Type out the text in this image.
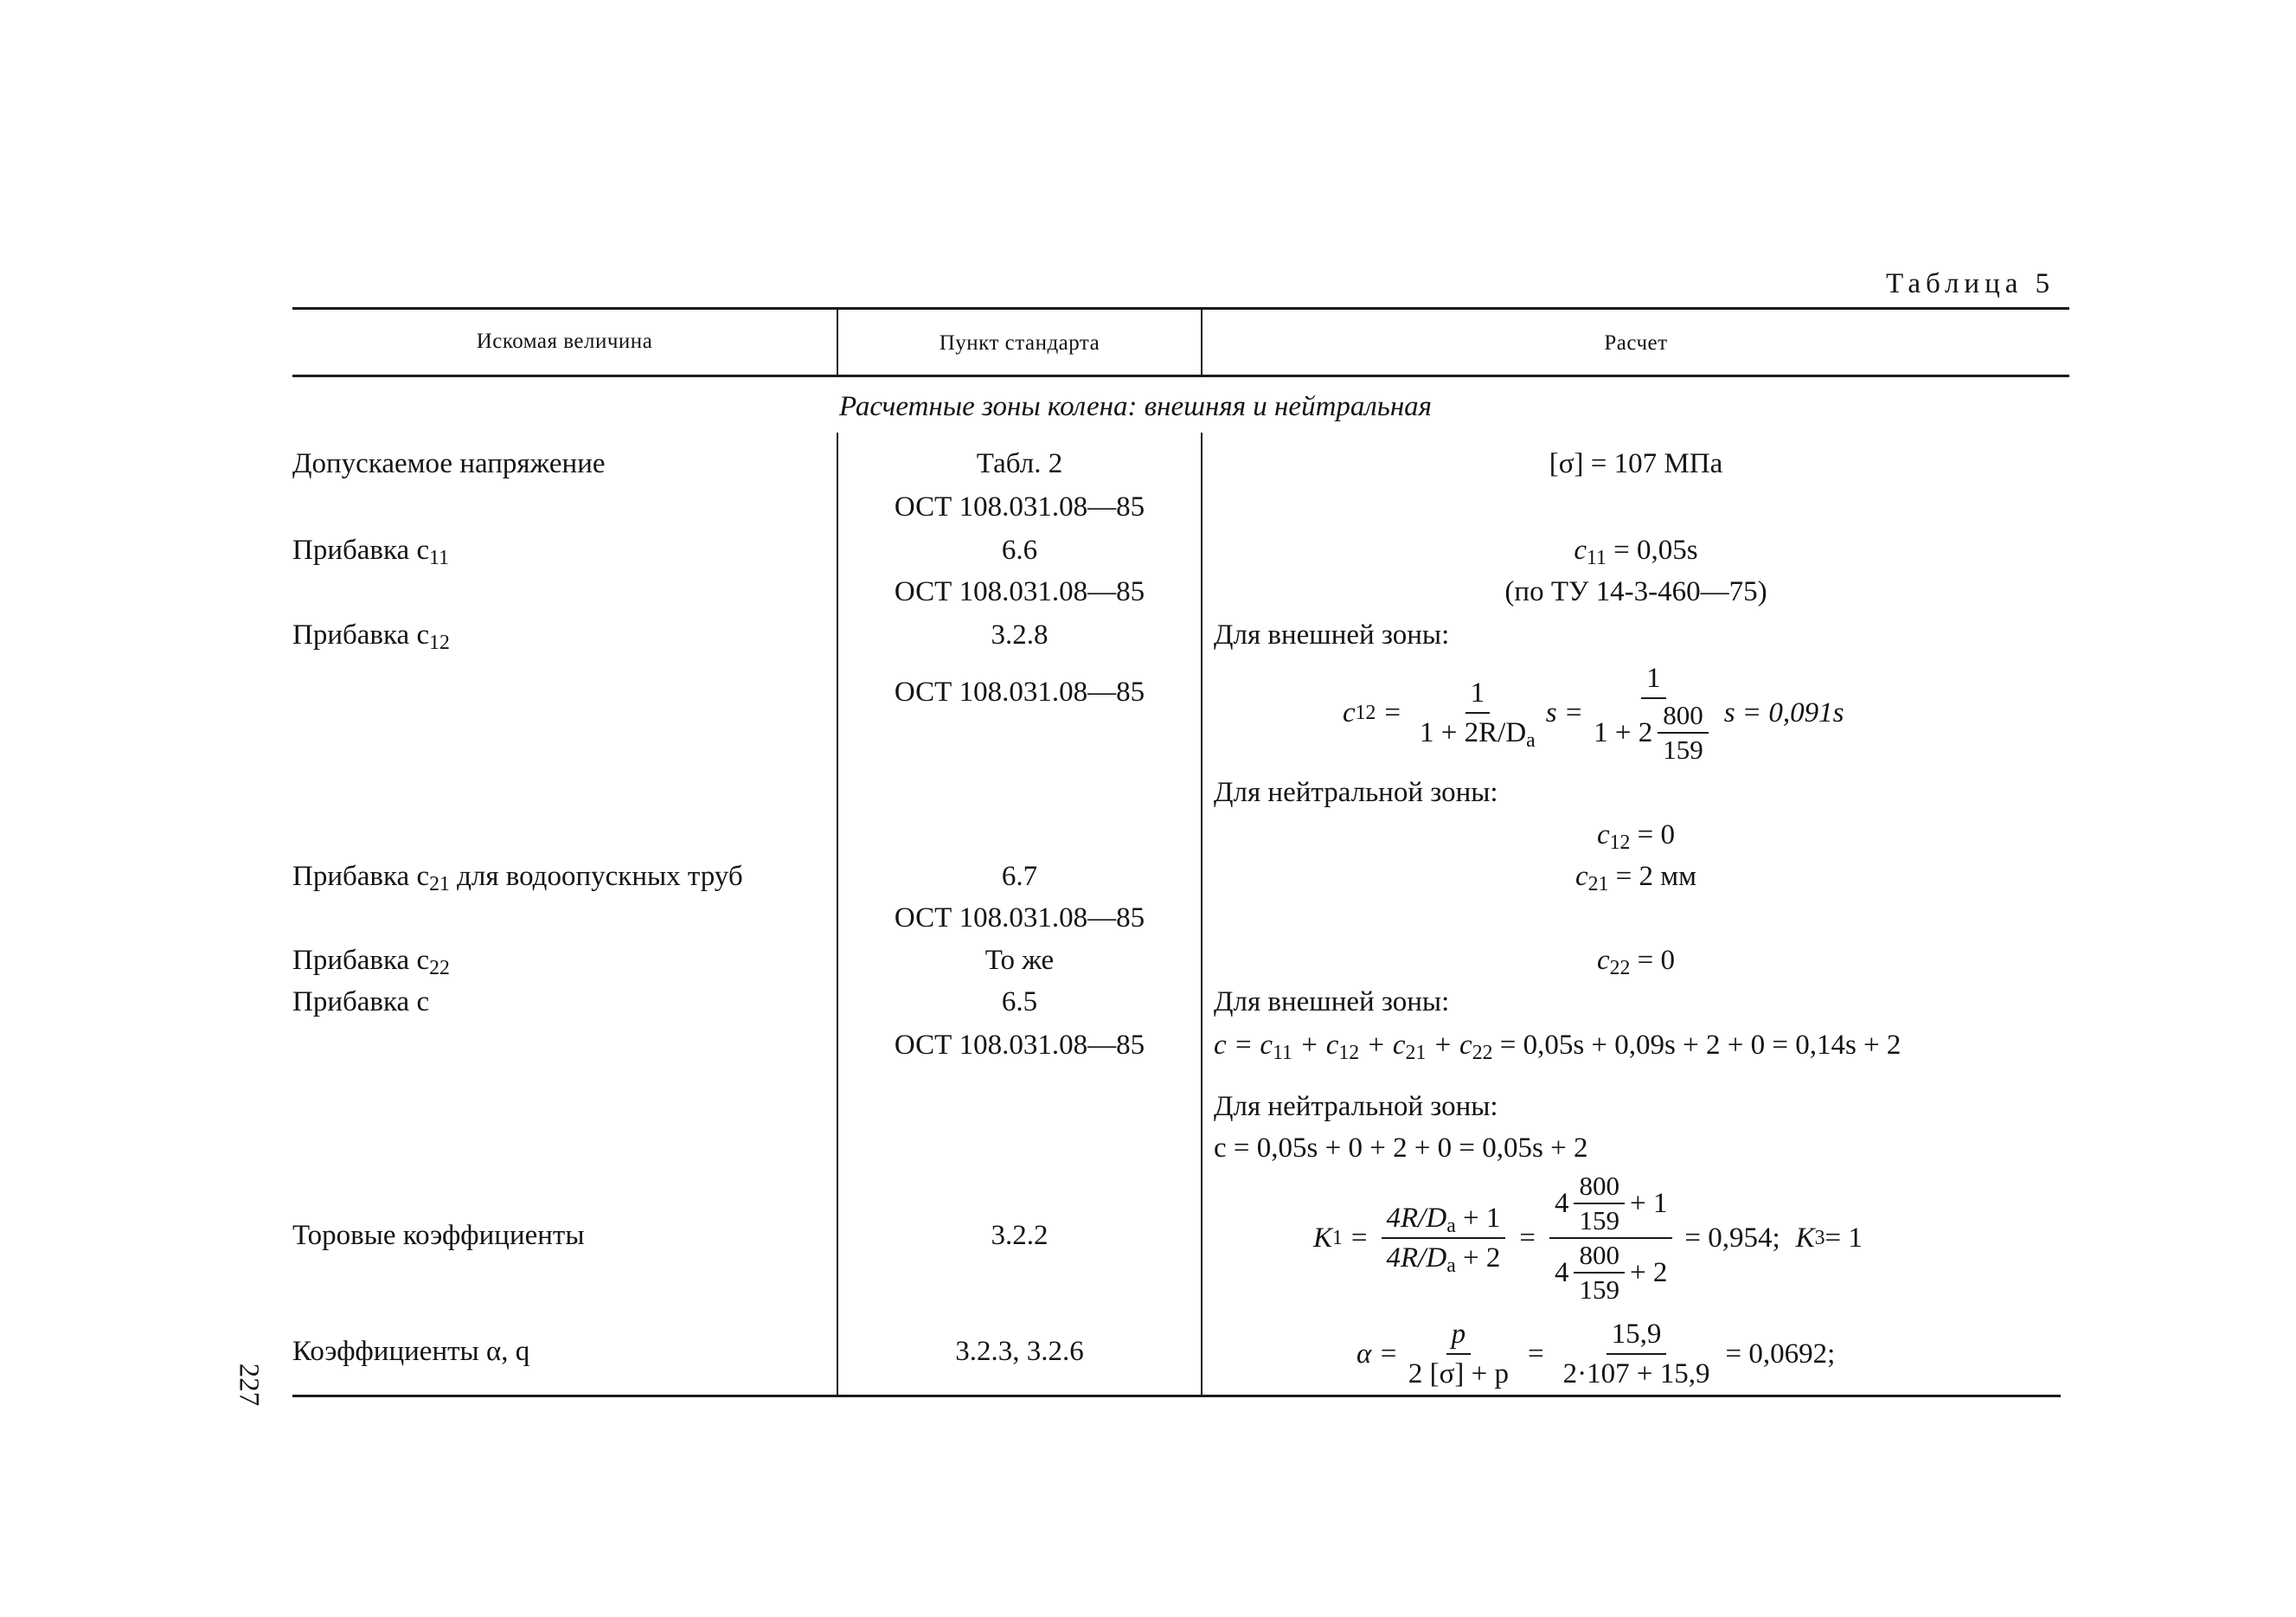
Таблица 5
Искомая величина	Пункт стандарта	Расчет
Расчетные зоны колена: внешняя и нейтральная
Допускаемое напряжение
Прибавка $c_{11}$
Прибавка $c_{12}$
Прибавка $c_{21}$ для водоопускных труб
Прибавка $c_{22}$
Прибавка c
Торовые коэффициенты
Коэффициенты α, q
Табл. 2
ОСТ 108.031.08—85
6.6
ОСТ 108.031.08—85
3.2.8
ОСТ 108.031.08—85
6.7
ОСТ 108.031.08—85
То же
6.5
ОСТ 108.031.08—85
3.2.2
3.2.3, 3.2.6
[σ] = 107 МПа
$c_{11} = 0,05s$
(по ТУ 14-3-460—75)
Для внешней зоны:
c $12 = \frac{1}{1 + 2R/D_a}$ $s = \frac{1}{1 + 2 \frac{800}{159}}$ s = 0,091s
Для нейтральной зоны:
$c_{12} = 0$
$c_{21} = 2$ мм
$c_{22} = 0$
Для внешней зоны:
$c = c_{11} + c_{12} + c_{21} + c_{22} = 0,05s + 0,09s + 2 + 0 = 0,14s + 2$
Для нейтральной зоны:
c = 0,05s + 0 + 2 + 0 = 0,05s + 2
K $1 = \frac{4R/D_a + 1}{4R/D_a + 2} = \frac{4 \frac{800}{159} + 1}{4 \frac{800}{159} + 2} = 0,954$; K 3 = 1
$\alpha = \frac{p}{2 [\sigma] + p} = \frac{15,9}{2\cdot 107 + 15,9} = 0,0692$;
227
